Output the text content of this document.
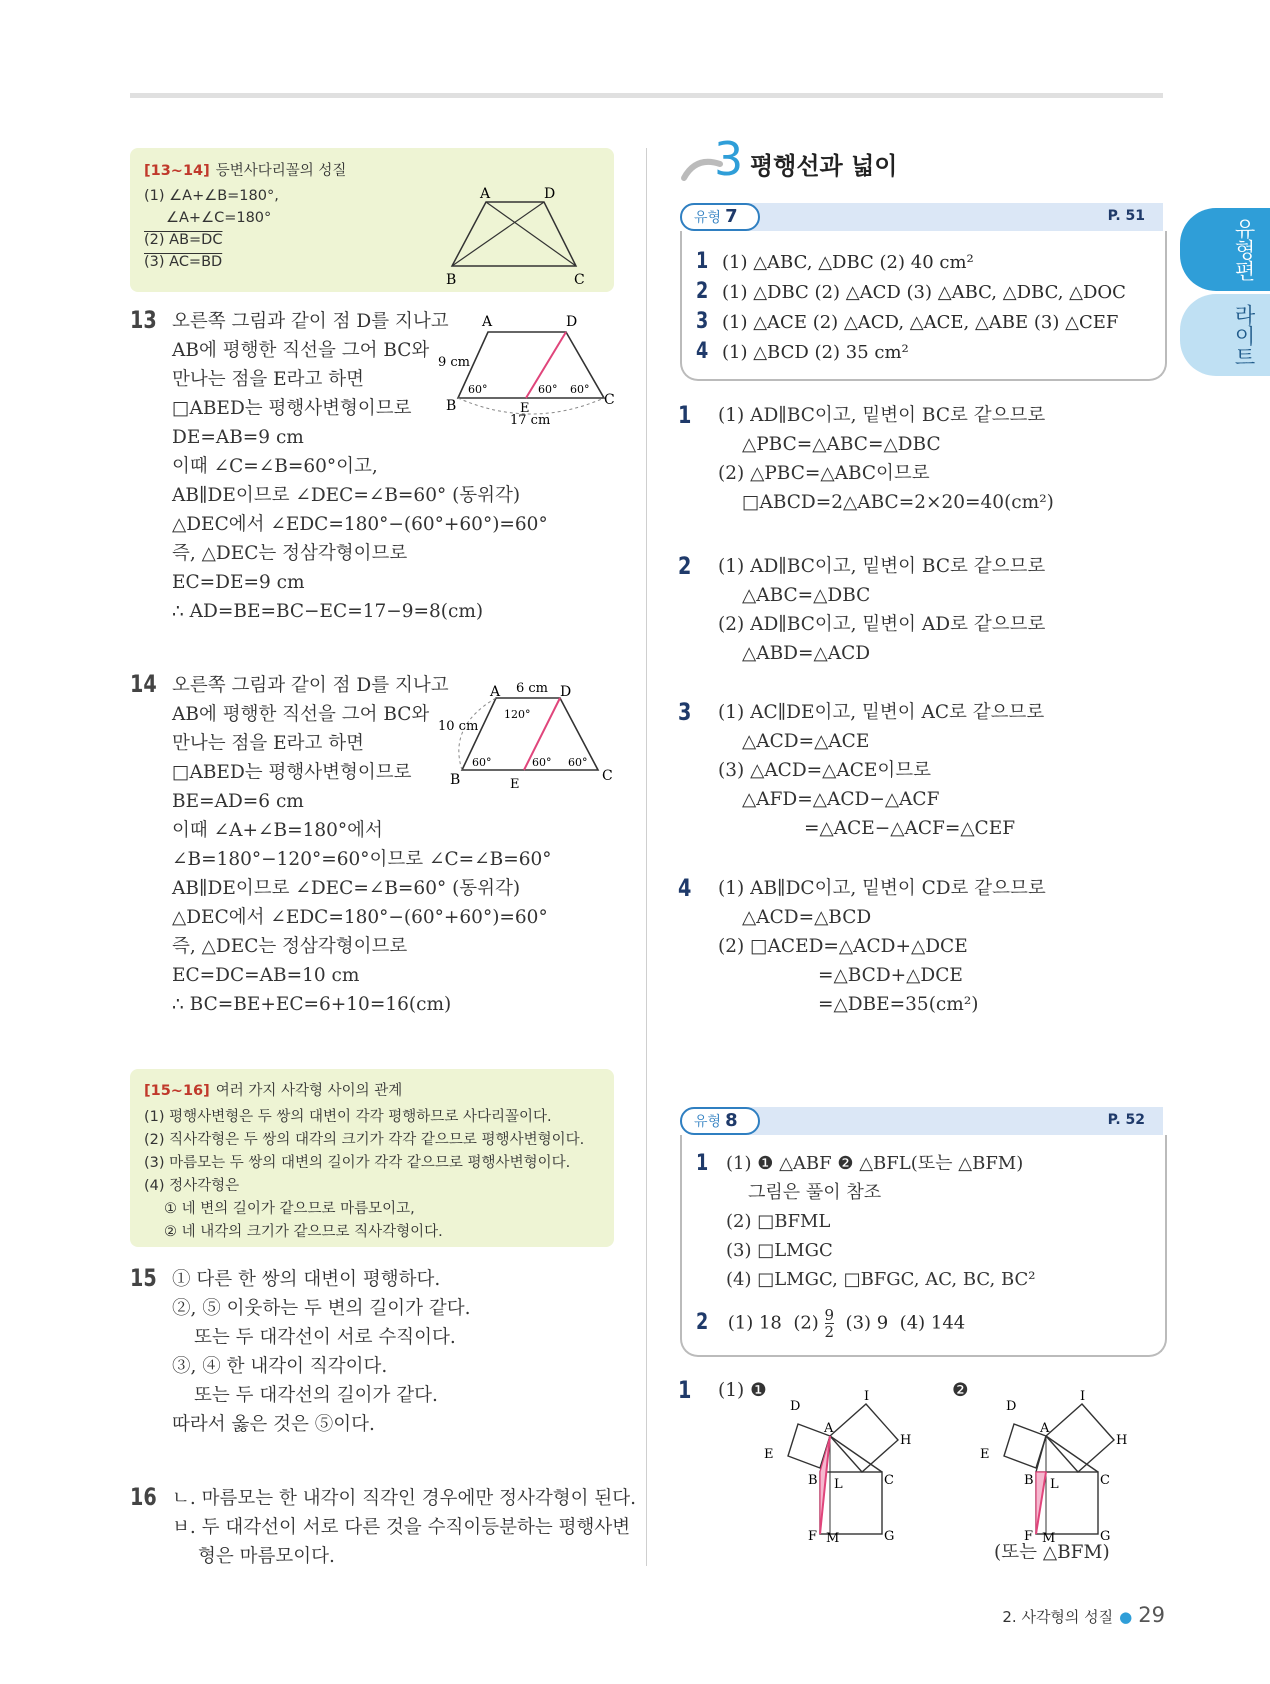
[13~14] 등변사다리꼴의 성질
(1) ∠A+∠B=180°,
∠A+∠C=180°
(2) AB=DC
(3) AC=BD
A	D
B	C
13 오른쪽 그림과 같이 점 D를 지나고
AB에 평행한 직선을 그어 BC와
만나는 점을 E라고 하면
□ABED는 평행사변형이므로
DE=AB=9 cm
이때 ∠C=∠B=60°이고,
AB∥DE이므로 ∠DEC=∠B=60° (동위각)
△DEC에서 ∠EDC=180°−(60°+60°)=60°
즉, △DEC는 정삼각형이므로
EC=DE=9 cm
∴ AD=BE=BC−EC=17−9=8(cm)
A	D
B	C
E
9 cm
17 cm
60°	60° 60°
14 오른쪽 그림과 같이 점 D를 지나고
AB에 평행한 직선을 그어 BC와
만나는 점을 E라고 하면
□ABED는 평행사변형이므로
BE=AD=6 cm
이때 ∠A+∠B=180°에서
∠B=180°−120°=60°이므로 ∠C=∠B=60°
AB∥DE이므로 ∠DEC=∠B=60° (동위각)
△DEC에서 ∠EDC=180°−(60°+60°)=60°
즉, △DEC는 정삼각형이므로
EC=DC=AB=10 cm
∴ BC=BE+EC=6+10=16(cm)
A	D
B	C
E
6 cm
10 cm
120°
60°	60° 60°
[15~16] 여러 가지 사각형 사이의 관계
(1) 평행사변형은 두 쌍의 대변이 각각 평행하므로 사다리꼴이다.
(2) 직사각형은 두 쌍의 대각의 크기가 각각 같으므로 평행사변형이다.
(3) 마름모는 두 쌍의 대변의 길이가 각각 같으므로 평행사변형이다.
(4) 정사각형은
① 네 변의 길이가 같으므로 마름모이고,
② 네 내각의 크기가 같으므로 직사각형이다.
15 ① 다른 한 쌍의 대변이 평행하다.
②, ⑤ 이웃하는 두 변의 길이가 같다.
또는 두 대각선이 서로 수직이다.
③, ④ 한 내각이 직각이다.
또는 두 대각선의 길이가 같다.
따라서 옳은 것은 ⑤이다.
16 ㄴ. 마름모는 한 내각이 직각인 경우에만 정사각형이 된다.
ㅂ. 두 대각선이 서로 다른 것을 수직이등분하는 평행사변
형은 마름모이다.
3 평행선과 넓이
유형 7	P. 51
1 (1) △ABC, △DBC (2) 40 cm²
2 (1) △DBC (2) △ACD (3) △ABC, △DBC, △DOC
3 (1) △ACE (2) △ACD, △ACE, △ABE (3) △CEF
4 (1) △BCD (2) 35 cm²
1 (1) AD∥BC이고, 밑변이 BC로 같으므로
△PBC=△ABC=△DBC
(2) △PBC=△ABC이므로
□ABCD=2△ABC=2×20=40(cm²)
2 (1) AD∥BC이고, 밑변이 BC로 같으므로
△ABC=△DBC
(2) AD∥BC이고, 밑변이 AD로 같으므로
△ABD=△ACD
3 (1) AC∥DE이고, 밑변이 AC로 같으므로
△ACD=△ACE
(3) △ACD=△ACE이므로
△AFD=△ACD−△ACF
=△ACE−△ACF=△CEF
4 (1) AB∥DC이고, 밑변이 CD로 같으므로
△ACD=△BCD
(2) □ACED=△ACD+△DCE
=△BCD+△DCE
=△DBE=35(cm²)
유형 8	P. 52
1 (1) ❶ △ABF ❷ △BFL(또는 △BFM)
그림은 풀이 참조
(2) □BFML
(3) □LMGC
(4) □LMGC, □BFGC, AC, BC, BC²
2 (1) 18 $(2) \frac{9}{2} (3)$ 9 (4) 144
1 (1) ❶	❷
D
I
A
H
E
B L	C
F M	G
D
I
A
H
E
B L	C
F M	G
(또는 △BFM)
유형편
라이트
2. 사각형의 성질 ● 29
